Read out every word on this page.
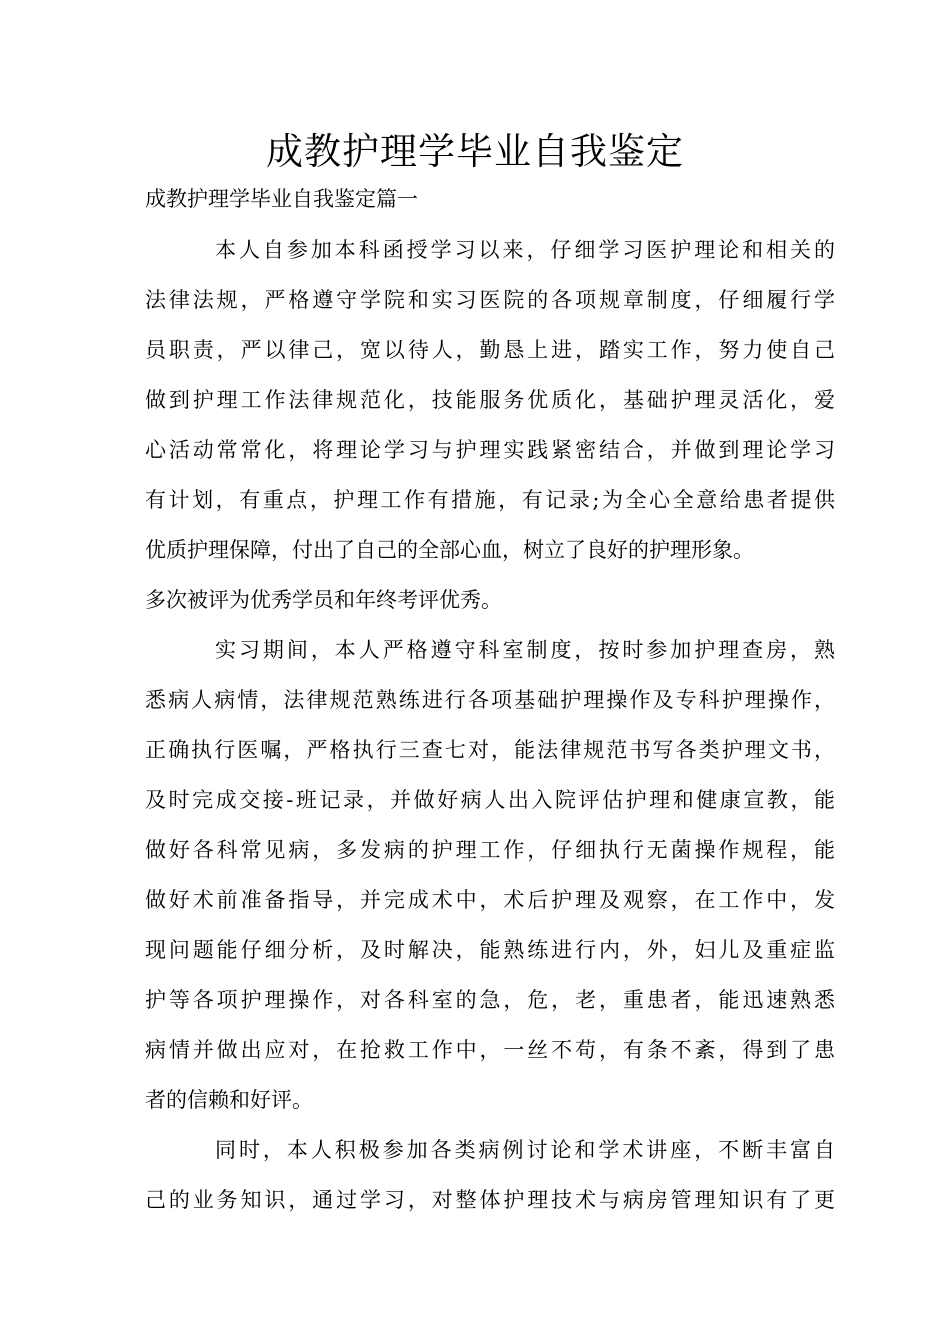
成教护理学毕业自我鉴定
成教护理学毕业自我鉴定篇一
本人自参加本科函授学习以来，仔细学习医护理论和相关的
法律法规，严格遵守学院和实习医院的各项规章制度，仔细履行学
员职责，严以律己，宽以待人，勤恳上进，踏实工作，努力使自己
做到护理工作法律规范化，技能服务优质化，基础护理灵活化，爱
心活动常常化，将理论学习与护理实践紧密结合，并做到理论学习
有计划，有重点，护理工作有措施，有记录;为全心全意给患者提供
优质护理保障，付出了自己的全部心血，树立了良好的护理形象。
多次被评为优秀学员和年终考评优秀。
实习期间，本人严格遵守科室制度，按时参加护理查房，熟
悉病人病情，法律规范熟练进行各项基础护理操作及专科护理操作，
正确执行医嘱，严格执行三查七对，能法律规范书写各类护理文书，
及时完成交接-班记录，并做好病人出入院评估护理和健康宣教，能
做好各科常见病，多发病的护理工作，仔细执行无菌操作规程，能
做好术前准备指导，并完成术中，术后护理及观察，在工作中，发
现问题能仔细分析，及时解决，能熟练进行内，外，妇儿及重症监
护等各项护理操作，对各科室的急，危，老，重患者，能迅速熟悉
病情并做出应对，在抢救工作中，一丝不苟，有条不紊，得到了患
者的信赖和好评。
同时，本人积极参加各类病例讨论和学术讲座，不断丰富自
己的业务知识，通过学习，对整体护理技术与病房管理知识有了更
